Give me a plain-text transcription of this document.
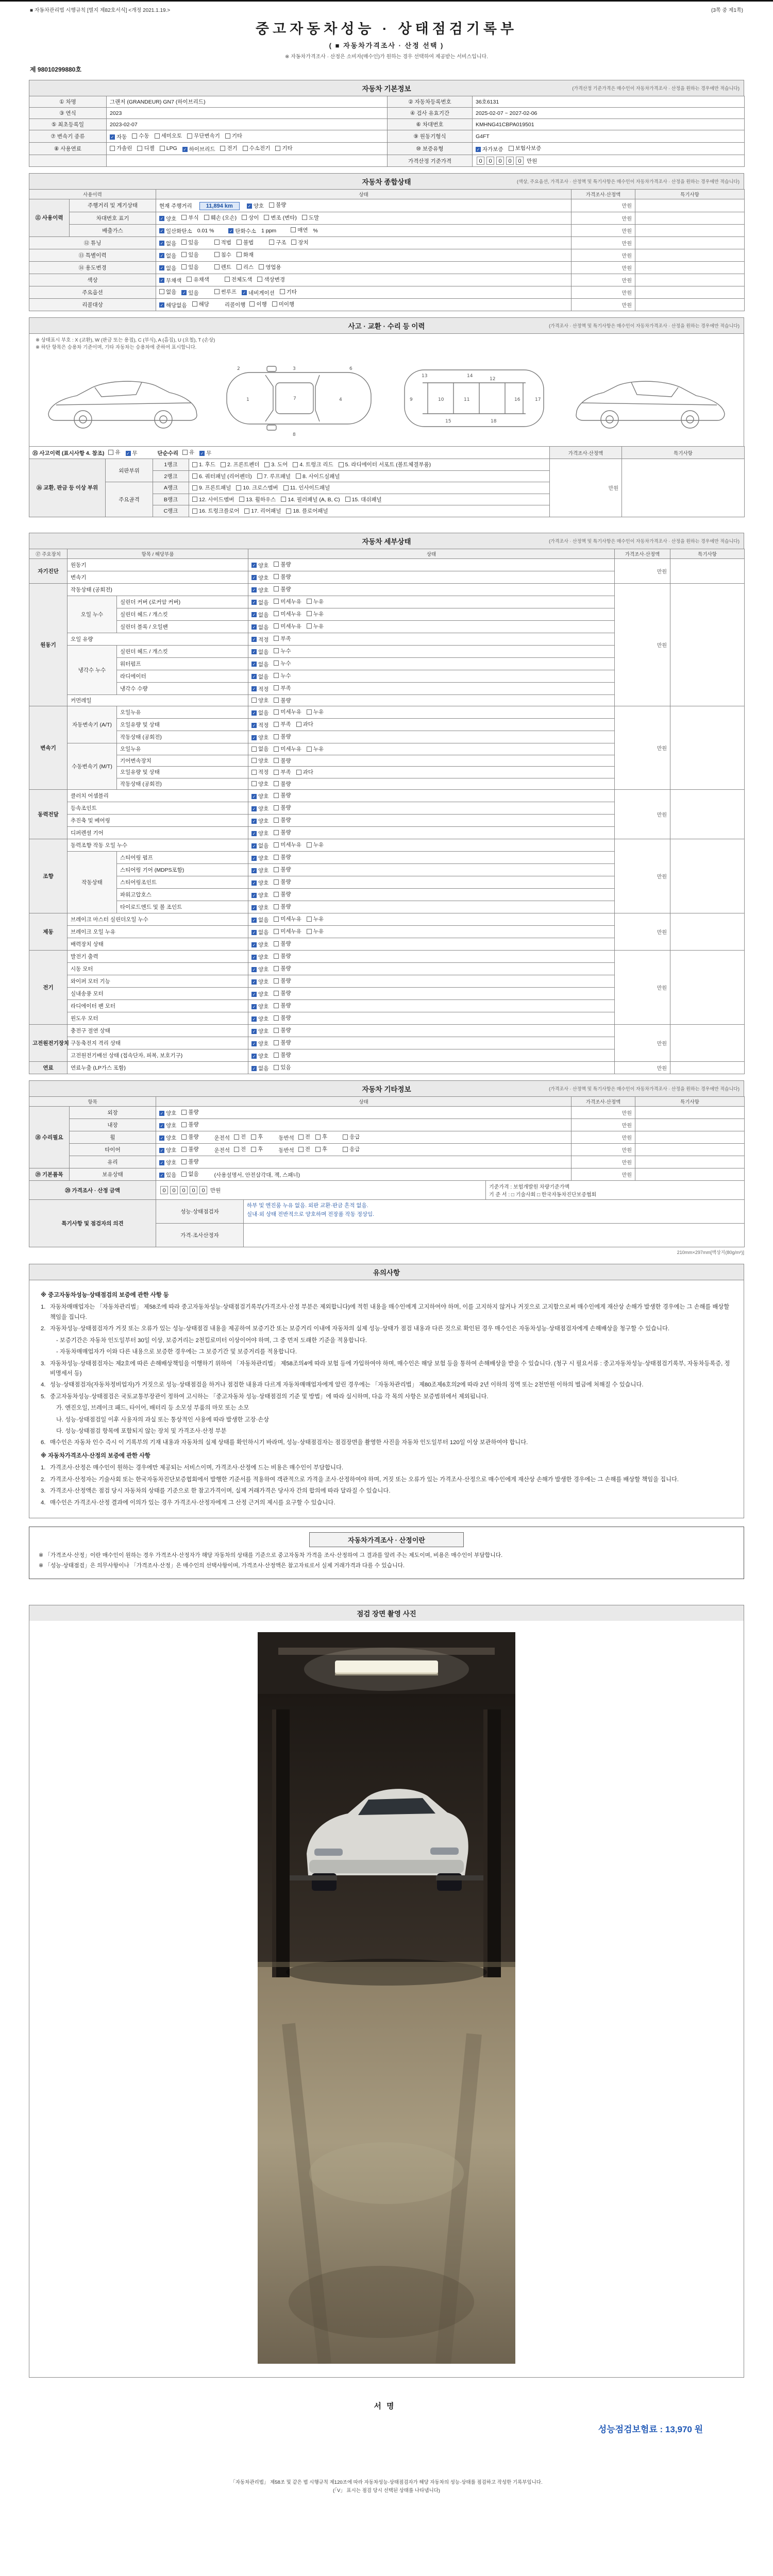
■ 자동차관리법 시행규칙 [별지 제82호서식] <개정 2021.1.19.>	(3쪽 중 제1쪽)
중고자동차성능 · 상태점검기록부
( ■ 자동차가격조사 · 산정 선택 )
※ 자동차가격조사 · 산정은 소비자(매수인)가 원하는 경우 선택하여 제공받는 서비스입니다.
제 98010299880호
자동차 기본정보	(가격산정 기준가격은 매수인이 자동차가격조사 · 산정을 원하는 경우에만 적습니다)
① 차명	그랜저 (GRANDEUR) GN7 (하이브리드)	② 자동차등록번호	36호6131
③ 연식	2023	④ 검사 유효기간	2025-02-07 ~ 2027-02-06
⑤ 최초등록일	2023-02-07	⑥ 차대번호	KMHNG41CBPA019501
⑦ 변속기 종류	✓ 자동 수동 세미오토 무단변속기 기타	⑨ 원동기형식	G4FT
⑧ 사용연료	가솔린 디젤 LPG ✓ 하이브리드 전기 수소전기 기타	⑩ 보증유형	✓ 자가보증 보험사보증

		가격산정 기준가격	0 0 0 0 0 만원
자동차 종합상태	(색상, 주요옵션, 가격조사 · 산정액 및 특기사항은 매수인이 자동차가격조사 · 산정을 원하는 경우에만 적습니다)
사용이력		상태	가격조사·산정액	특기사항
⑪ 사용이력	주행거리 및 계기상태	현재 주행거리 11,894 km ✓ 양호 불량	만원	
차대번호 표기	✓ 양호 부식 훼손 (오손) 상이 변조 (변타) 도말	만원	
배출가스	✓ 일산화탄소 0.01 %	✓ 탄화수소 1 ppm	매연 %	만원	
⑫ 튜닝	✓ 없음 있음	적법 불법	구조 장치	만원	
⑬ 특별이력		✓ 없음 있음 침수 화재	만원	
⑭ 용도변경	✓ 없음 있음	렌트 리스 영업용	만원	
색상		✓ 무채색 유채색 전체도색 색상변경	만원	
주요옵션	없음 ✓ 있음	썬루프 ✓ 네비게이션 기타	만원	
리콜대상	✓ 해당없음 해당	리콜이행 이행 미이행	만원	
사고 · 교환 · 수리 등 이력	(가격조사 · 산정액 및 특기사항은 매수인이 자동차가격조사 · 산정을 원하는 경우에만 적습니다)
※ 상태표시 부호 : X (교환), W (판금 또는 용접), C (부식), A (흠집), U (요철), T (손상)
※ 하단 항목은 승용차 기준이며, 기타 자동차는 승용차에 준하여 표시합니다.
1	7	4
2	3	6
8
9	10	11
12
13	14
15
16	17
18
⑮ 사고이력 (표시사항 4. 참조) 유 ✓ 무	단순수리 유 ✓ 무	가격조사·산정액	특기사항
⑯ 교환, 판금 등 이상 부위	외판부위	1랭크	1. 후드 2. 프론트펜더 3. 도어 4. 트렁크 리드 5. 라디에이터 서포트 (볼트체결부품)	만원	
		2랭크	6. 쿼터패널 (리어펜더) 7. 루프패널 8. 사이드실패널		

	주요골격	A랭크	9. 프론트패널 10. 크로스멤버 11. 인사이드패널		

		B랭크	12. 사이드멤버 13. 휠하우스 14. 필러패널 (A, B, C) 15. 대쉬패널		

		C랭크	16. 트렁크플로어 17. 리어패널 18. 플로어패널		
자동차 세부상태	(가격조사 · 산정액 및 특기사항은 매수인이 자동차가격조사 · 산정을 원하는 경우에만 적습니다)
⑰ 주요장치	항목 / 해당부품		상태	가격조사·산정액	특기사항
자기진단	원동기		✓ 양호 불량	만원	
	변속기		✓ 양호 불량		

원동기	작동상태 (공회전)		✓ 양호 불량	만원	
	오일 누수	실린더 커버 (로커암 커버)	✓ 없음 미세누유 누유		

		실린더 헤드 / 개스킷	✓ 없음 미세누유 누유		

		실린더 블록 / 오일팬	✓ 없음 미세누유 누유		

	오일 유량		✓ 적정 부족		

	냉각수 누수	실린더 헤드 / 개스킷	✓ 없음 누수		

		워터펌프	✓ 없음 누수		

		라디에이터	✓ 없음 누수		

		냉각수 수량	✓ 적정 부족		

	커먼레일		양호 불량		

변속기	자동변속기 (A/T)	오일누유	✓ 없음 미세누유 누유	만원	
		오일유량 및 상태	✓ 적정 부족 과다		

		작동상태 (공회전)	✓ 양호 불량		

	수동변속기 (M/T)	오일누유	없음 미세누유 누유		

		기어변속장치	양호 불량		

		오일유량 및 상태	적정 부족 과다		

		작동상태 (공회전)	양호 불량		

동력전달	클러치 어셈블리		✓ 양호 불량	만원	
	등속조인트		✓ 양호 불량		

	추진축 및 베어링		✓ 양호 불량		

	디퍼렌셜 기어		✓ 양호 불량		

조향	동력조향 작동 오일 누수		✓ 없음 미세누유 누유	만원	
	작동상태	스티어링 펌프	✓ 양호 불량		

		스티어링 기어 (MDPS포함)	✓ 양호 불량		

		스티어링조인트	✓ 양호 불량		

		파워고압호스	✓ 양호 불량		

		타이로드엔드 및 볼 조인트	✓ 양호 불량		

제동	브레이크 마스터 실린더오일 누수		✓ 없음 미세누유 누유	만원	
	브레이크 오일 누유		✓ 없음 미세누유 누유		

	배력장치 상태		✓ 양호 불량		

전기	발전기 출력		✓ 양호 불량	만원	
	시동 모터		✓ 양호 불량		

	와이퍼 모터 기능		✓ 양호 불량		

	실내송풍 모터		✓ 양호 불량		

	라디에이터 팬 모터		✓ 양호 불량		

	윈도우 모터		✓ 양호 불량		

고전원전기장치	충전구 절연 상태		✓ 양호 불량	만원	
	구동축전지 격리 상태		✓ 양호 불량		

	고전원전기배선 상태 (접속단자, 피복, 보호기구)		✓ 양호 불량		

연료	연료누출 (LP가스 포함)		✓ 없음 있음	만원	
자동차 기타정보	(가격조사 · 산정액 및 특기사항은 매수인이 자동차가격조사 · 산정을 원하는 경우에만 적습니다)
항목		상태	가격조사·산정액	특기사항
⑱ 수리필요	외장	✓ 양호 불량	만원	
	내장	✓ 양호 불량	만원	
휠	✓ 양호 불량	운전석 전 후	동반석 전 후	응급	만원	
타이어	✓ 양호 불량	운전석 전 후	동반석 전 후	응급	만원	
	유리	✓ 양호 불량	만원	
⑲ 기본품목	보유상태	✓ 있음 없음 (사용설명서, 안전삼각대, 잭, 스패너)	만원	
⑳ 가격조사 · 산정 금액	0 0 0 0 0 만원	
기준가격 : 보험개발원 차량기준가액
기 준 서 : □ 기술사회 □ 한국자동차진단보증협회
특기사항 및 점검자의 의견	성능·상태점검자	하부 및 엔진룸 누유 없음. 외판 교환·판금 흔적 없음.
실내·외 상태 전반적으로 양호하며 전장품 작동 정상임.

	가격·조사산정자	
210mm×297mm[백상지(80g/m²)]
유의사항
※ 중고자동차성능·상태점검의 보증에 관한 사항 등
1. 자동차매매업자는 「자동차관리법」 제58조에 따라 중고자동차성능·상태점검기록부(가격조사·산정 부분은 제외합니다)에 적힌 내용을 매수인에게 고지하여야 하며, 이를 고지하지 않거나 거짓으로 고지함으로써 매수인에게 재산상 손해가 발생한 경우에는 그 손해를 배상할 책임을 집니다.
2. 자동차성능·상태점검자가 거짓 또는 오류가 있는 성능·상태점검 내용을 제공하여 보증기간 또는 보증거리 이내에 자동차의 실제 성능·상태가 점검 내용과 다른 것으로 확인된 경우 매수인은 자동차성능·상태점검자에게 손해배상을 청구할 수 있습니다.
- 보증기간은 자동차 인도일부터 30일 이상, 보증거리는 2천킬로미터 이상이어야 하며, 그 중 먼저 도래한 기준을 적용합니다.
- 자동차매매업자가 이와 다른 내용으로 보증한 경우에는 그 보증기간 및 보증거리를 적용합니다.
3. 자동차성능·상태점검자는 제2호에 따른 손해배상책임을 이행하기 위하여 「자동차관리법」 제58조의4에 따라 보험 등에 가입하여야 하며, 매수인은 해당 보험 등을 통하여 손해배상을 받을 수 있습니다. (청구 시 필요서류 : 중고자동차성능·상태점검기록부, 자동차등록증, 정비명세서 등)
4. 성능·상태점검자(자동차정비업자)가 거짓으로 성능·상태점검을 하거나 점검한 내용과 다르게 자동차매매업자에게 알린 경우에는 「자동차관리법」 제80조제6호의2에 따라 2년 이하의 징역 또는 2천만원 이하의 벌금에 처해질 수 있습니다.
5. 중고자동차성능·상태점검은 국토교통부장관이 정하여 고시하는 「중고자동차 성능·상태점검의 기준 및 방법」에 따라 실시하며, 다음 각 목의 사항은 보증범위에서 제외됩니다.
가. 엔진오일, 브레이크 패드, 타이어, 배터리 등 소모성 부품의 마모 또는 소모
나. 성능·상태점검일 이후 사용자의 과실 또는 통상적인 사용에 따라 발생한 고장·손상
다. 성능·상태점검 항목에 포함되지 않는 장치 및 가격조사·산정 부분
6. 매수인은 자동차 인수 즉시 이 기록부의 기재 내용과 자동차의 실제 상태를 확인하시기 바라며, 성능·상태점검자는 점검장면을 촬영한 사진을 자동차 인도일부터 120일 이상 보관하여야 합니다.
※ 자동차가격조사·산정의 보증에 관한 사항
1. 가격조사·산정은 매수인이 원하는 경우에만 제공되는 서비스이며, 가격조사·산정에 드는 비용은 매수인이 부담합니다.
2. 가격조사·산정자는 기술사회 또는 한국자동차진단보증협회에서 발행한 기준서를 적용하여 객관적으로 가격을 조사·산정하여야 하며, 거짓 또는 오류가 있는 가격조사·산정으로 매수인에게 재산상 손해가 발생한 경우에는 그 손해를 배상할 책임을 집니다.
3. 가격조사·산정액은 점검 당시 자동차의 상태를 기준으로 한 참고가격이며, 실제 거래가격은 당사자 간의 합의에 따라 달라질 수 있습니다.
4. 매수인은 가격조사·산정 결과에 이의가 있는 경우 가격조사·산정자에게 그 산정 근거의 제시를 요구할 수 있습니다.
자동차가격조사 · 산정이란
※ 「가격조사·산정」이란 매수인이 원하는 경우 가격조사·산정자가 해당 자동차의 상태를 기준으로 중고자동차 가격을 조사·산정하여 그 결과를 알려 주는 제도이며, 비용은 매수인이 부담합니다.
※ 「성능·상태점검」은 의무사항이나 「가격조사·산정」은 매수인의 선택사항이며, 가격조사·산정액은 참고자료로서 실제 거래가격과 다를 수 있습니다.
점검 장면 촬영 사진
서명
성능점검보험료 : 13,970 원
「자동차관리법」 제58조 및 같은 법 시행규칙 제120조에 따라 자동차성능·상태점검자가 해당 자동차의 성능·상태를 점검하고 작성한 기록부입니다.
(「V」 표시는 점검 당시 선택된 상태를 나타냅니다)
